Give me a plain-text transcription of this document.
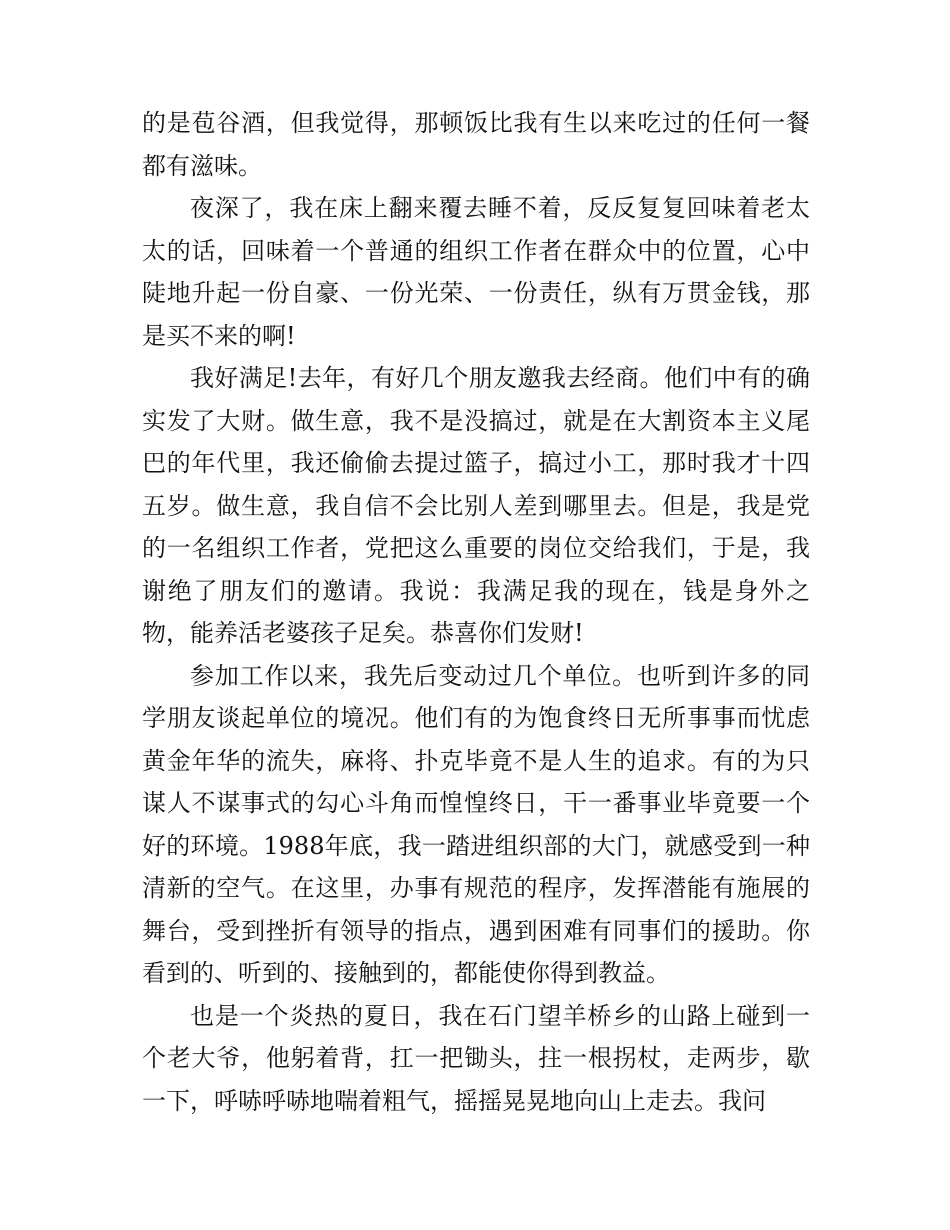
的是苞谷酒，但我觉得，那顿饭比我有生以来吃过的任何一餐都有滋味。

夜深了，我在床上翻来覆去睡不着，反反复复回味着老太太的话，回味着一个普通的组织工作者在群众中的位置，心中陡地升起一份自豪、一份光荣、一份责任，纵有万贯金钱，那是买不来的啊!

我好满足!去年，有好几个朋友邀我去经商。他们中有的确实发了大财。做生意，我不是没搞过，就是在大割资本主义尾巴的年代里，我还偷偷去提过篮子，搞过小工，那时我才十四五岁。做生意，我自信不会比别人差到哪里去。但是，我是党的一名组织工作者，党把这么重要的岗位交给我们，于是，我谢绝了朋友们的邀请。我说：我满足我的现在，钱是身外之物，能养活老婆孩子足矣。恭喜你们发财!

参加工作以来，我先后变动过几个单位。也听到许多的同学朋友谈起单位的境况。他们有的为饱食终日无所事事而忧虑黄金年华的流失，麻将、扑克毕竟不是人生的追求。有的为只谋人不谋事式的勾心斗角而惶惶终日，干一番事业毕竟要一个好的环境。1988年底，我一踏进组织部的大门，就感受到一种清新的空气。在这里，办事有规范的程序，发挥潜能有施展的舞台，受到挫折有领导的指点，遇到困难有同事们的援助。你看到的、听到的、接触到的，都能使你得到教益。

也是一个炎热的夏日，我在石门望羊桥乡的山路上碰到一个老大爷，他躬着背，扛一把锄头，拄一根拐杖，走两步，歇一下，呼哧呼哧地喘着粗气，摇摇晃晃地向山上走去。我问
